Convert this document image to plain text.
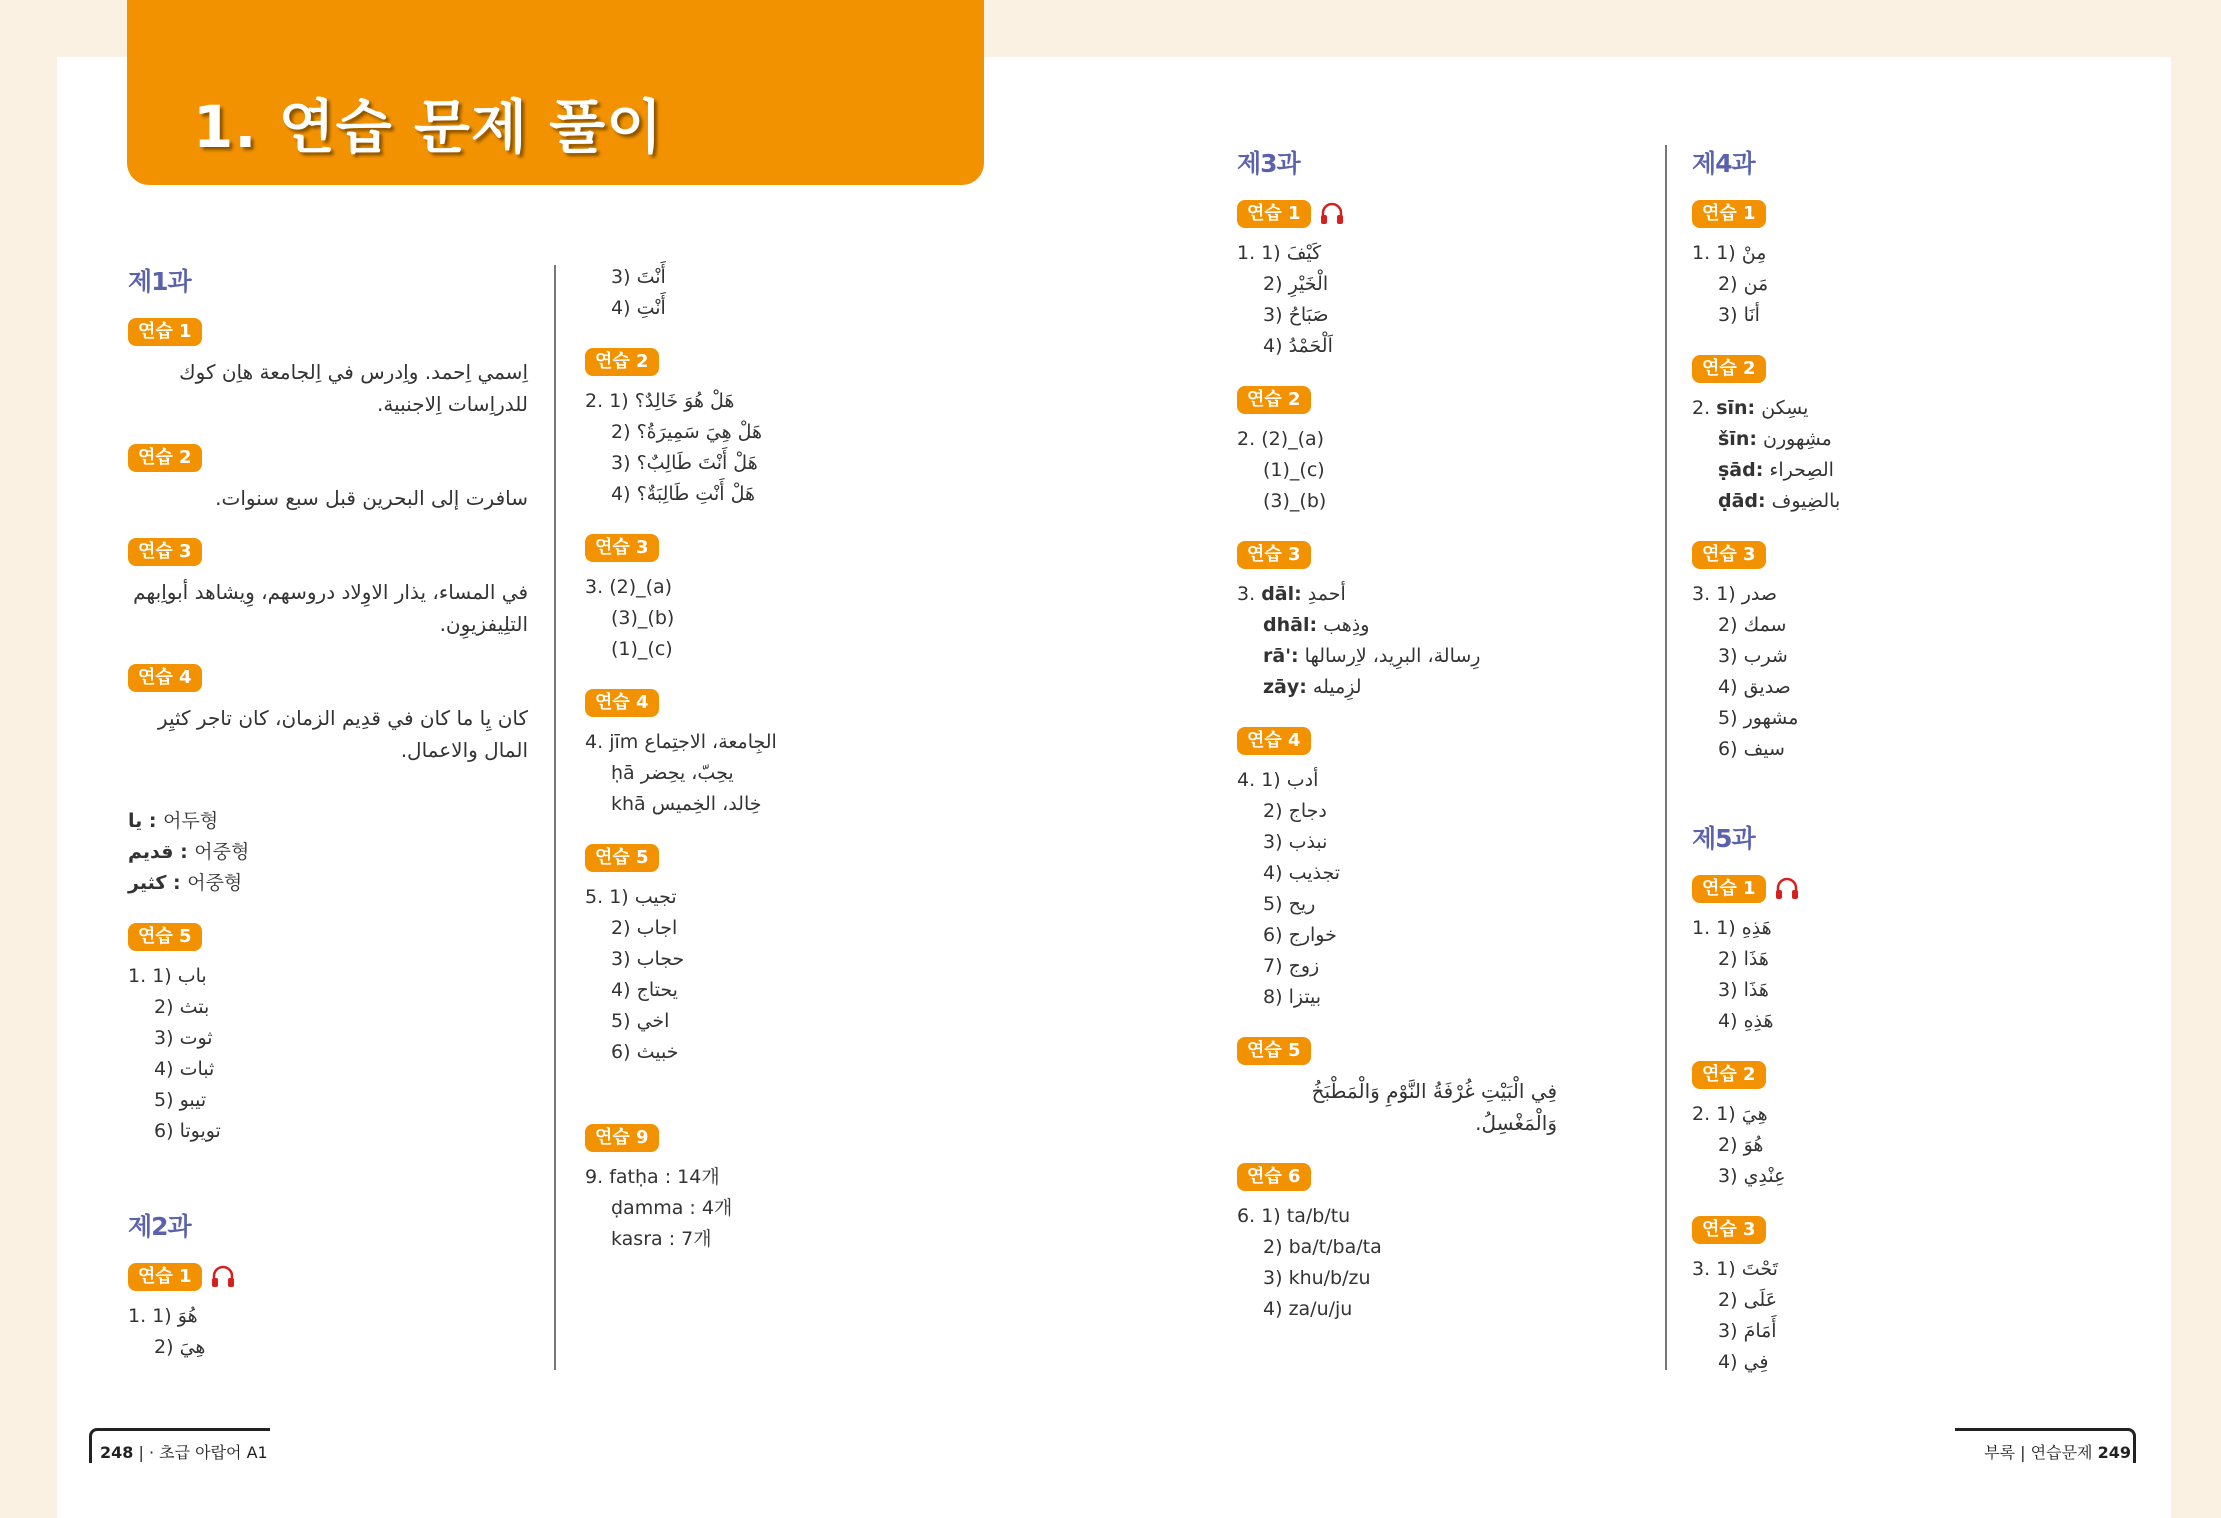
1. 연습 문제 풀이
제1과
연습 1
اِسمي اِحمد. واِدرس في اِلجامعة هاِن كوك للدراِسات اِلاجنبية.
연습 2
سافرت إلى البحرين قبل سبع سنوات.
연습 3
في المساء، يذار الاوِلاد دروسهم، وِيشاهد أبواِبهم التلِيفزيوِن.
연습 4
كان يِا ما كان في قدِيم الزمان، كان تاجر كثيِر المال والاعمال.
يا : 어두형
قديم : 어중형
كثير : 어중형
연습 5
1. 1) باب
2) بتث
3) ثوت
4) ثبات
5) تيبو
6) تويوتا
제2과
연습 1
1. 1) هُوَ
2) هِيَ
3) أَنْتَ
4) أَنْتِ
연습 2
2. 1) هَلْ هُوَ خَالِدٌ؟
2) هَلْ هِيَ سَمِيرَةُ؟
3) هَلْ أَنْتَ طَالِبٌ؟
4) هَلْ أَنْتِ طَالِبَةٌ؟
연습 3
3. (2)_(a)
(3)_(b)
(1)_(c)
연습 4
4. jīm الجِامعة، الاجتِماع
ḥā يحِبّ، يحِضر
khā خِالد، الخِميس
연습 5
5. 1) تجيب
2) اجاب
3) حجاب
4) يحتاج
5) اخي
6) خبيث
연습 9
9. fatḥa : 14개
ḍamma : 4개
kasra : 7개
제3과
연습 1
1. 1) كَيْفَ
2) الْخَيْرِ
3) صَبَاحُ
4) اَلْحَمْدُ
연습 2
2. (2)_(a)
(1)_(c)
(3)_(b)
연습 3
3. dāl: أحمدِ
dhāl: وذِهب
rā': رِسالة، البرِيد، لاِرسالها
zāy: لزِميله
연습 4
4. 1) أدب
2) دجاج
3) نبذب
4) تجذيب
5) ريح
6) خوارج
7) زوج
8) بيتزا
연습 5
فِي الْبَيْتِ غُرْفَةُ النَّوْمِ وَالْمَطْبَخُ وَالْمَغْسِلُ.
연습 6
6. 1) ta/b/tu
2) ba/t/ba/ta
3) khu/b/zu
4) za/u/ju
제4과
연습 1
1. 1) مِنْ
2) مَن
3) أنَا
연습 2
2. sīn: يسِكن
šīn: مشِهورن
ṣād: الصِحراء
ḍād: بالضِيوف
연습 3
3. 1) صدر
2) سمك
3) شرب
4) صديق
5) مشهور
6) سيف
제5과
연습 1
1. 1) هَذِهِ
2) هَذَا
3) هَذَا
4) هَذِهِ
연습 2
2. 1) هِيَ
2) هُوَ
3) عِنْدِي
연습 3
3. 1) تَحْتَ
2) عَلَى
3) أَمَامَ
4) فِي
248 | · 초급 아랍어 A1	부록 | 연습문제 249
